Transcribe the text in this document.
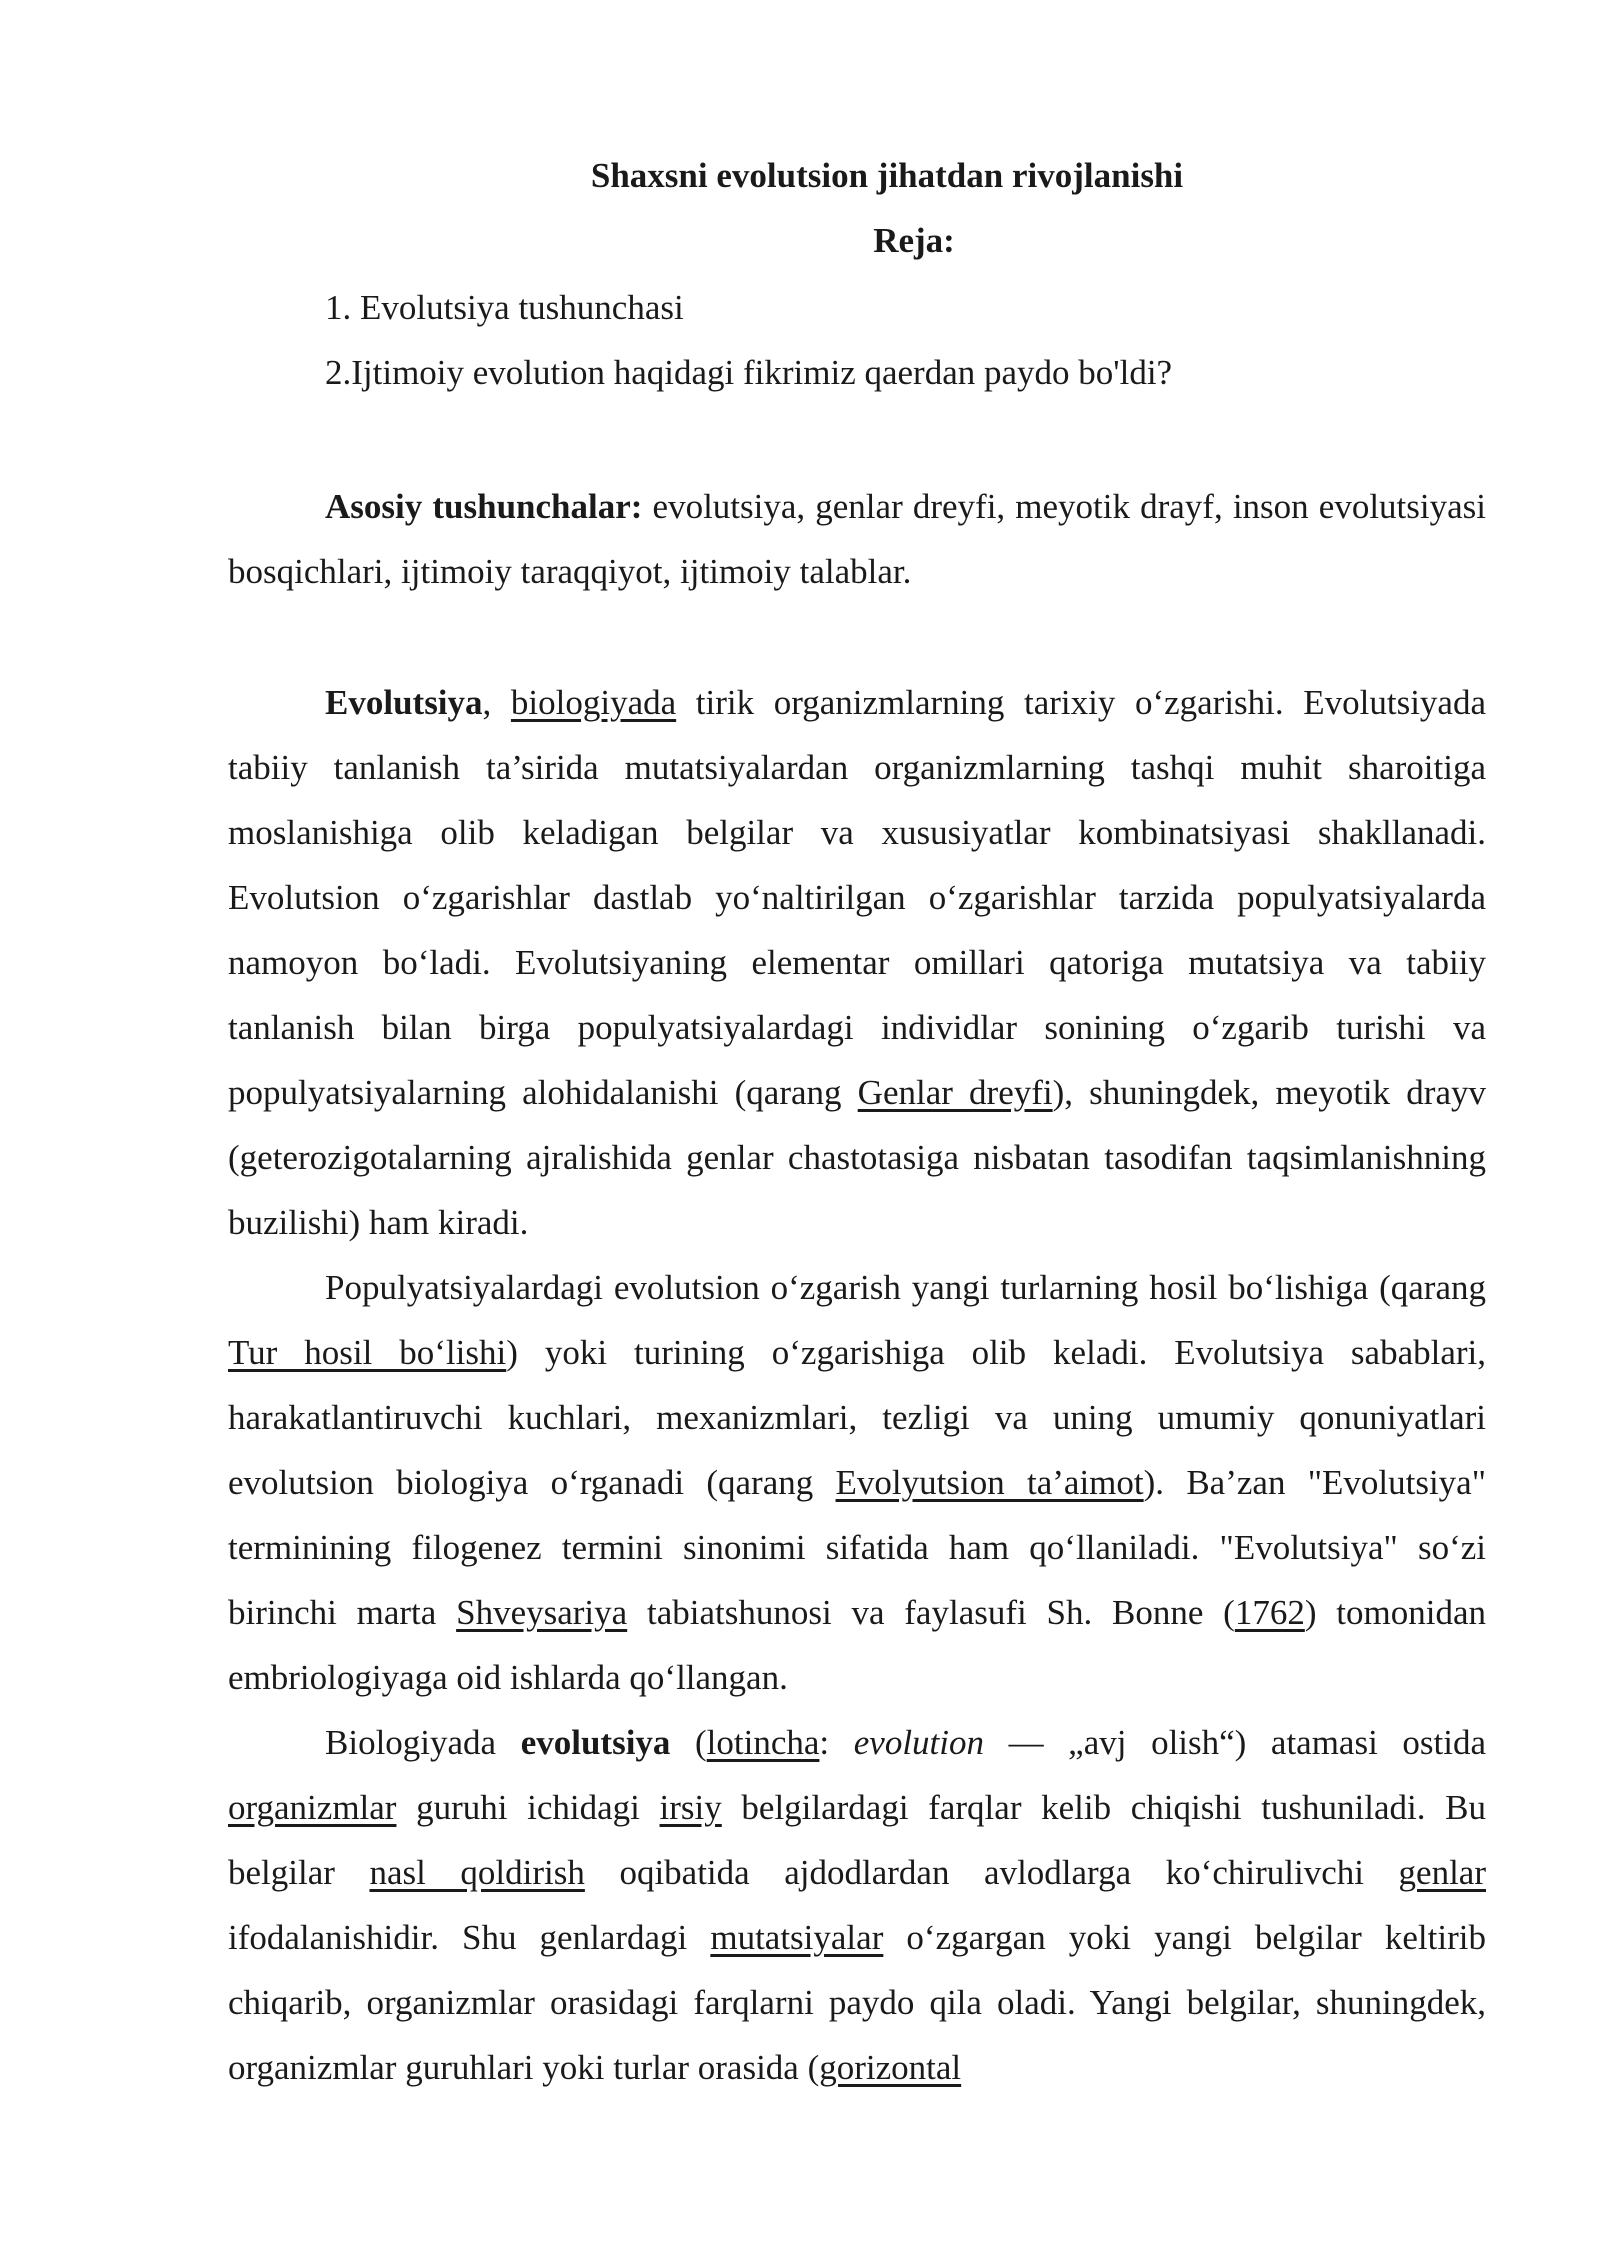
Shaxsni evolutsion jihatdan rivojlanishi

Reja:

1. Evolutsiya tushunchasi

2.Ijtimoiy evolution haqidagi fikrimiz qaerdan paydo bo'ldi?

Asosiy tushunchalar: evolutsiya, genlar dreyfi, meyotik drayf, inson evolutsiyasi bosqichlari, ijtimoiy taraqqiyot, ijtimoiy talablar.

Evolutsiya, biologiyada tirik organizmlarning tarixiy o‘zgarishi. Evolutsiyada tabiiy tanlanish ta’sirida mutatsiyalardan organizmlarning tashqi muhit sharoitiga moslanishiga olib keladigan belgilar va xususiyatlar kombinatsiyasi shakllanadi. Evolutsion o‘zgarishlar dastlab yo‘naltirilgan o‘zgarishlar tarzida populyatsiyalarda namoyon bo‘ladi. Evolutsiyaning elementar omillari qatoriga mutatsiya va tabiiy tanlanish bilan birga populyatsiyalardagi individlar sonining o‘zgarib turishi va populyatsiyalarning alohidalanishi (qarang Genlar dreyfi), shuningdek, meyotik drayv (geterozigotalarning ajralishida genlar chastotasiga nisbatan tasodifan taqsimlanishning buzilishi) ham kiradi.

Populyatsiyalardagi evolutsion o‘zgarish yangi turlarning hosil bo‘lishiga (qarang Tur hosil bo‘lishi) yoki turining o‘zgarishiga olib keladi. Evolutsiya sabablari, harakatlantiruvchi kuchlari, mexanizmlari, tezligi va uning umumiy qonuniyatlari evolutsion biologiya o‘rganadi (qarang Evolyutsion ta’aimot). Ba’zan "Evolutsiya" terminining filogenez termini sinonimi sifatida ham qo‘llaniladi. "Evolutsiya" so‘zi birinchi marta Shveysariya tabiatshunosi va faylasufi Sh. Bonne (1762) tomonidan embriologiyaga oid ishlarda qo‘llangan.

Biologiyada evolutsiya (lotincha: evolution — „avj olish“) atamasi ostida organizmlar guruhi ichidagi irsiy belgilardagi farqlar kelib chiqishi tushuniladi. Bu belgilar nasl qoldirish oqibatida ajdodlardan avlodlarga ko‘chirulivchi genlar ifodalanishidir. Shu genlardagi mutatsiyalar o‘zgargan yoki yangi belgilar keltirib chiqarib, organizmlar orasidagi farqlarni paydo qila oladi. Yangi belgilar, shuningdek, organizmlar guruhlari yoki turlar orasida (gorizontal
